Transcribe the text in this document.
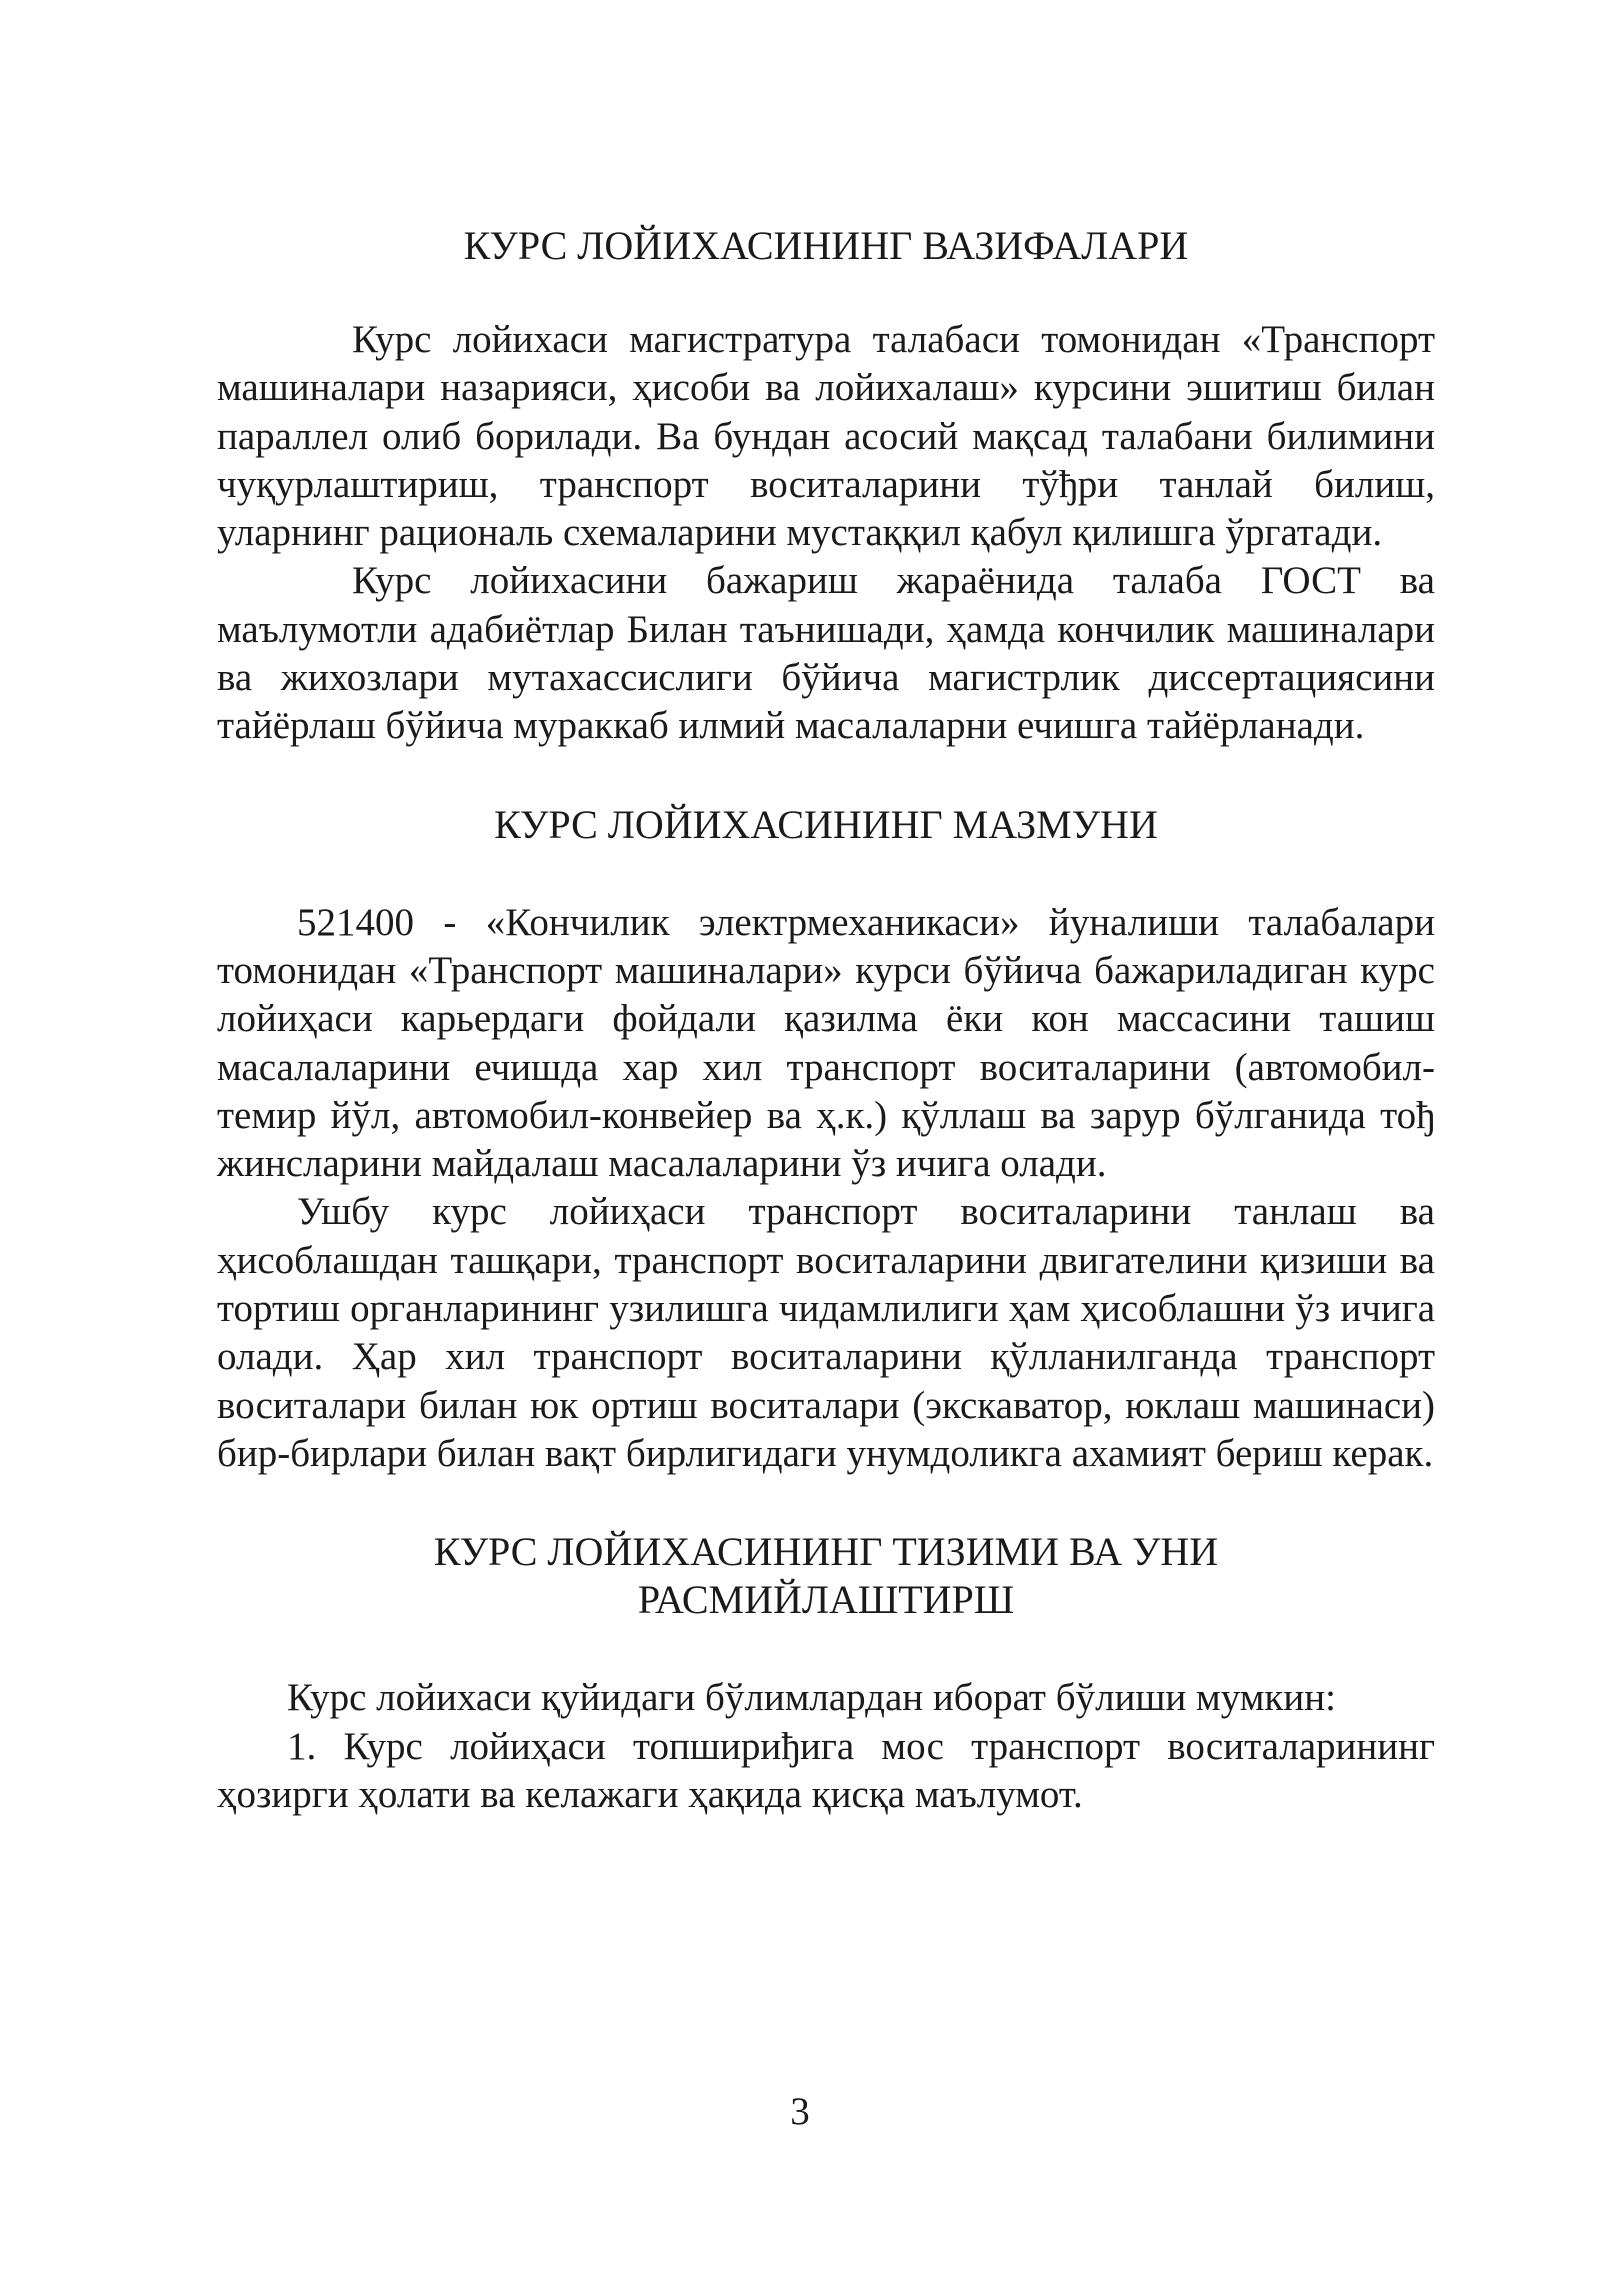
КУРС ЛОЙИХАСИНИНГ ВАЗИФАЛАРИ

Курс лойихаси магистратура талабаси томонидан «Транспорт машиналари назарияси, ҳисоби ва лойихалаш» курсини эшитиш билан параллел олиб борилади. Ва бундан асосий мақсад талабани билимини чуқурлаштириш, транспорт воситаларини тўђри танлай билиш, уларнинг рациональ схемаларини мустаққил қабул қилишга ўргатади.

Курс лойихасини бажариш жараёнида талаба ГОСТ ва маълумотли адабиётлар Билан таънишади, ҳамда кончилик машиналари ва жихозлари мутахассислиги бўйича магистрлик диссертациясини тайёрлаш бўйича мураккаб илмий масалаларни ечишга тайёрланади.

КУРС ЛОЙИХАСИНИНГ МАЗМУНИ

521400 - «Кончилик электрмеханикаси» йуналиши талабалари томонидан «Транспорт машиналари» курси бўйича бажариладиган курс лойиҳаси карьердаги фойдали қазилма ёки кон массасини ташиш масалаларини ечишда хар хил транспорт воситаларини (автомобил-темир йўл, автомобил-конвейер ва ҳ.к.) қўллаш ва зарур бўлганида тођ жинсларини майдалаш масалаларини ўз ичига олади.

Ушбу курс лойиҳаси транспорт воситаларини танлаш ва ҳисоблашдан ташқари, транспорт воситаларини двигателини қизиши ва тортиш органларининг узилишга чидамлилиги ҳам ҳисоблашни ўз ичига олади. Ҳар хил транспорт воситаларини қўлланилганда транспорт воситалари билан юк ортиш воситалари (экскаватор, юклаш машинаси) бир-бирлари билан вақт бирлигидаги унумдоликга ахамият бериш керак.

КУРС ЛОЙИХАСИНИНГ ТИЗИМИ ВА УНИ
РАСМИЙЛАШТИРШ

Курс лойихаси қуйидаги бўлимлардан иборат бўлиши мумкин:

1. Курс лойиҳаси топшириђига мос транспорт воситаларининг ҳозирги ҳолати ва келажаги ҳақида қисқа маълумот.

3
